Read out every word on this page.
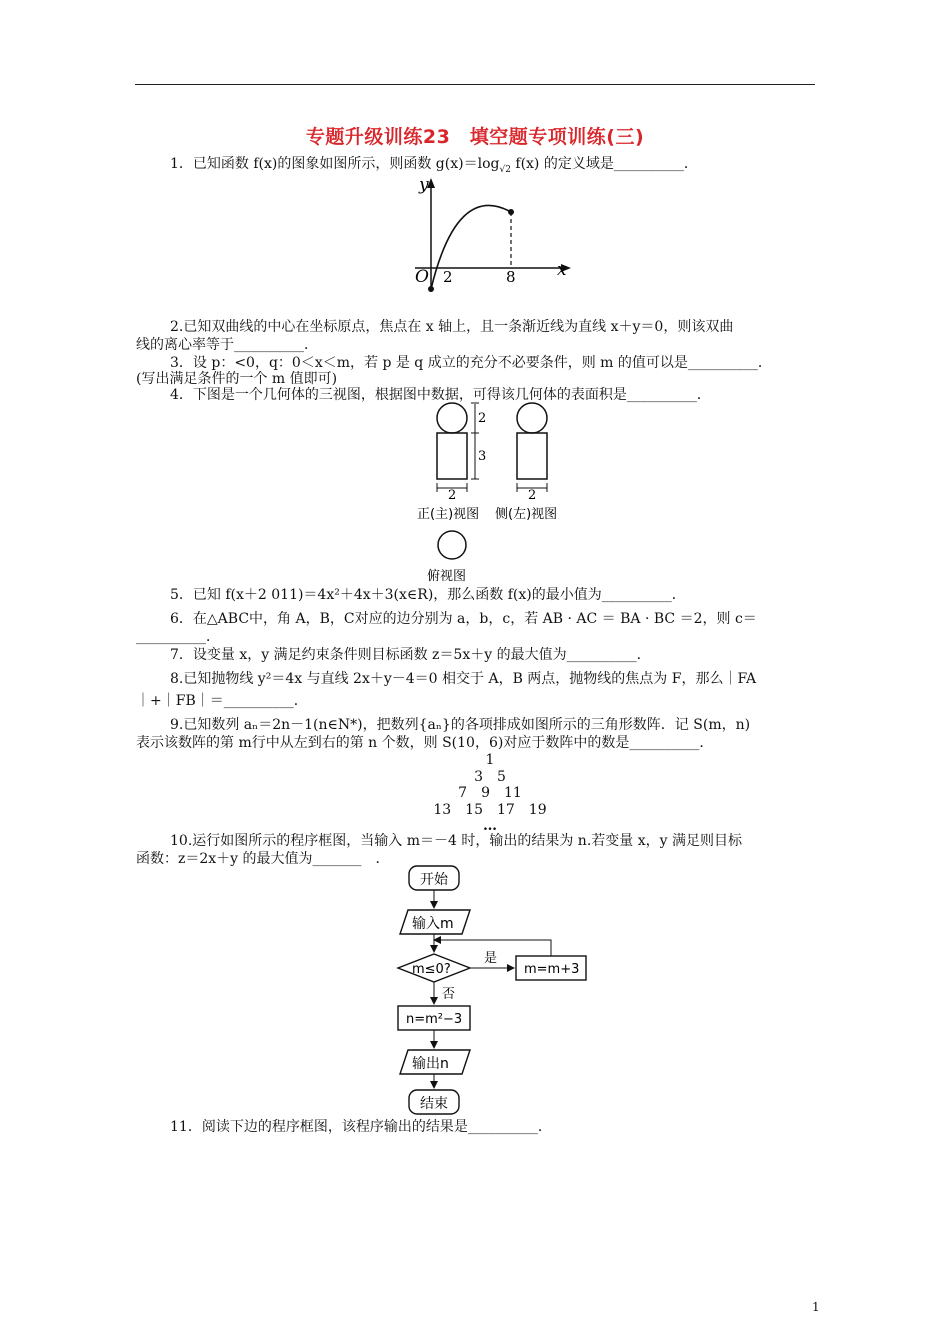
专题升级训练23　填空题专项训练(三)
1．已知函数 f(x)的图象如图所示，则函数 $g(x)=\log_{√2}$ f(x) 的定义域是__________．
y
x
O 2	8
2.已知双曲线的中心在坐标原点，焦点在 x 轴上，且一条渐近线为直线 x＋y＝0，则该双曲
线的离心率等于__________．
3．设 p：<0，q：0＜x＜m，若 p 是 q 成立的充分不必要条件，则 m 的值可以是__________．
(写出满足条件的一个 m 值即可)
4．下图是一个几何体的三视图，根据图中数据，可得该几何体的表面积是__________．
2
3
2	2
正(主)视图 侧(左)视图
俯视图
5．已知 f(x＋2 011)＝4x²＋4x＋3(x∈R)，那么函数 f(x)的最小值为__________．
6．在△ABC中，角 A，B，C对应的边分别为 a，b，c，若 AB · AC ＝ BA · BC ＝2，则 c＝
__________．
7．设变量 x，y 满足约束条件则目标函数 z＝5x＋y 的最大值为__________．
8.已知抛物线 y²＝4x 与直线 2x＋y－4＝0 相交于 A，B 两点，抛物线的焦点为 F，那么｜FA
｜+｜FB｜＝__________．
9.已知数列 aₙ＝2n－1(n∈N*)，把数列{aₙ}的各项排成如图所示的三角形数阵．记 S(m，n)
表示该数阵的第 m行中从左到右的第 n 个数，则 S(10，6)对应于数阵中的数是__________．
1
3　5
7　9　11
13　15　17　19
…
10.运行如图所示的程序框图，当输入 m＝－4 时，输出的结果为 n.若变量 x，y 满足则目标
函数：z＝2x＋y 的最大值为_______　．
开始
输入m
m≤0?
是
m=m+3
否
n=m²−3
输出n
结束
11．阅读下边的程序框图，该程序输出的结果是__________．
1
